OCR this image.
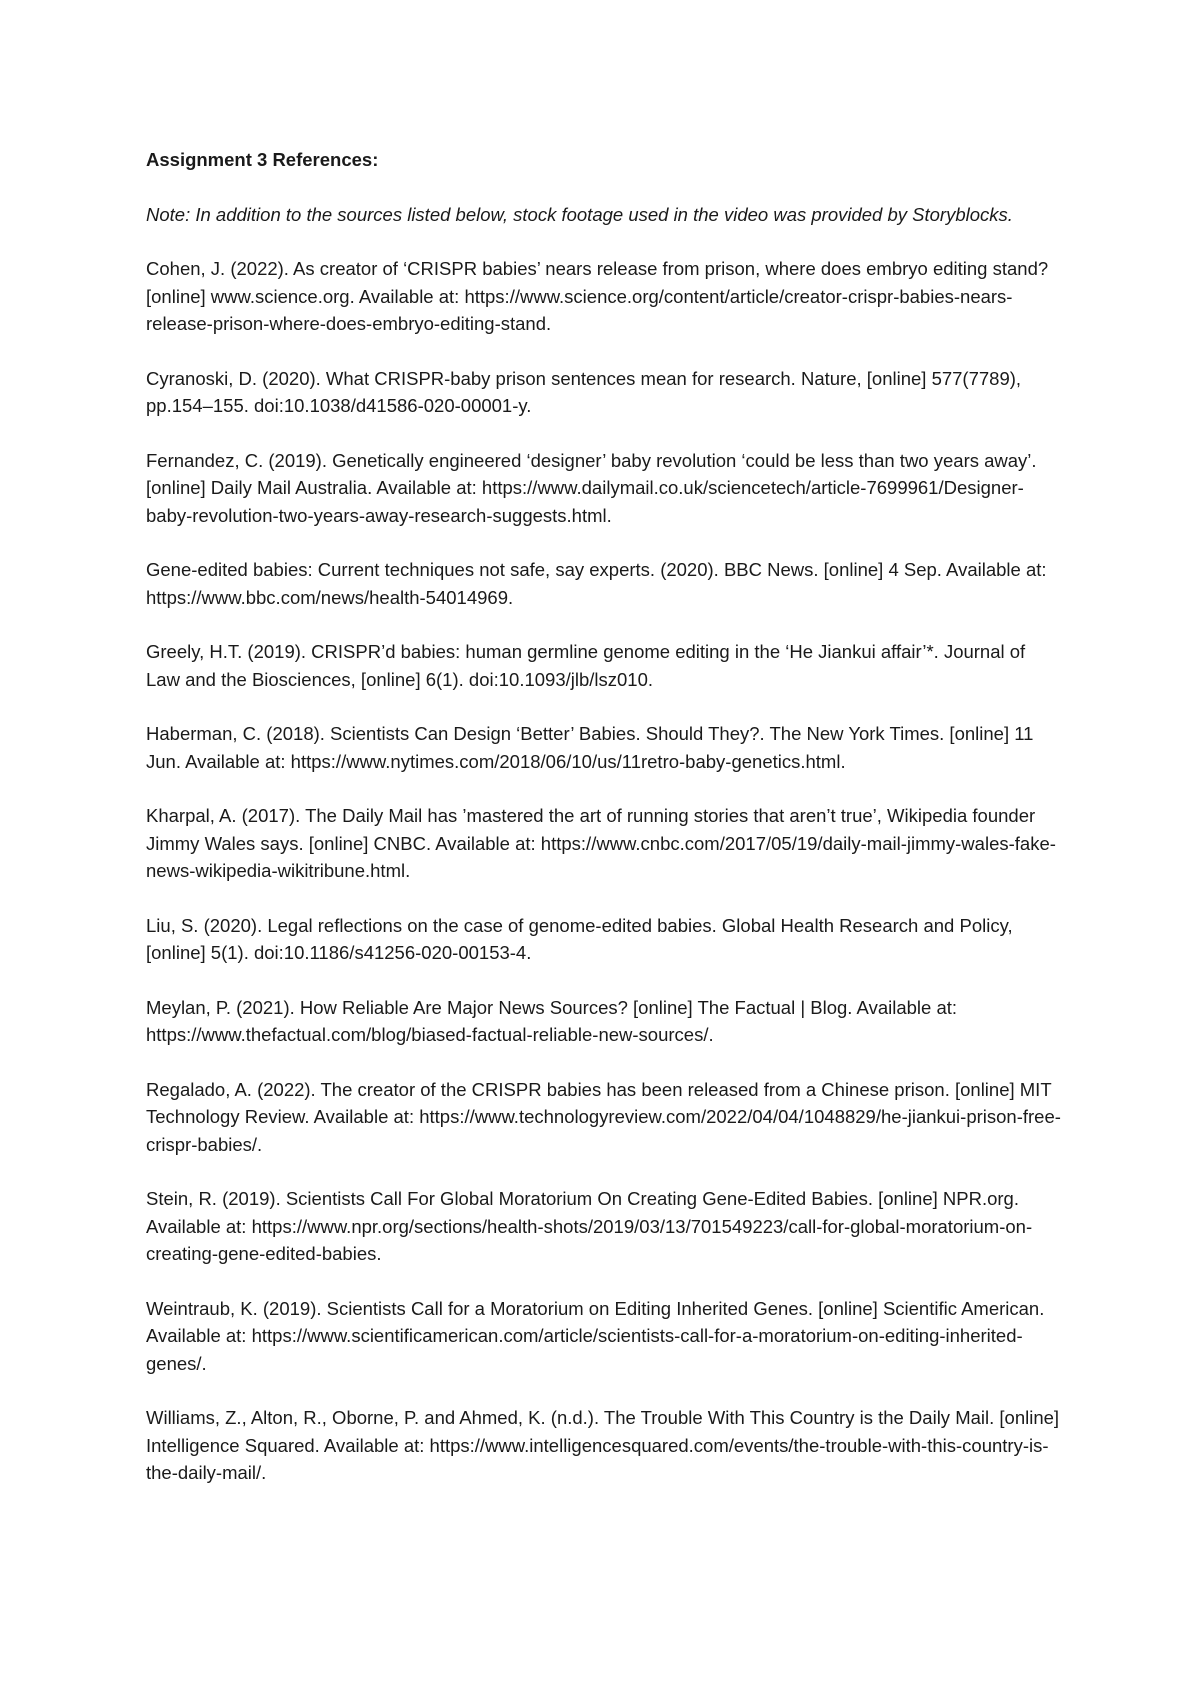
Assignment 3 References:

Note: In addition to the sources listed below, stock footage used in the video was provided by Storyblocks.

Cohen, J. (2022). As creator of ‘CRISPR babies’ nears release from prison, where does embryo editing stand? [online] www.science.org. Available at: https://www.science.org/content/article/creator-crispr-babies-nears-release-prison-where-does-embryo-editing-stand.

Cyranoski, D. (2020). What CRISPR-baby prison sentences mean for research. Nature, [online] 577(7789), pp.154–155. doi:10.1038/d41586-020-00001-y.

Fernandez, C. (2019). Genetically engineered ‘designer’ baby revolution ‘could be less than two years away’. [online] Daily Mail Australia. Available at: https://www.dailymail.co.uk/sciencetech/article-7699961/Designer-baby-revolution-two-years-away-research-suggests.html.

Gene-edited babies: Current techniques not safe, say experts. (2020). BBC News. [online] 4 Sep. Available at: https://www.bbc.com/news/health-54014969.

Greely, H.T. (2019). CRISPR’d babies: human germline genome editing in the ‘He Jiankui affair’*. Journal of Law and the Biosciences, [online] 6(1). doi:10.1093/jlb/lsz010.

Haberman, C. (2018). Scientists Can Design ‘Better’ Babies. Should They?. The New York Times. [online] 11 Jun. Available at: https://www.nytimes.com/2018/06/10/us/11retro-baby-genetics.html.

Kharpal, A. (2017). The Daily Mail has ’mastered the art of running stories that aren’t true’, Wikipedia founder Jimmy Wales says. [online] CNBC. Available at: https://www.cnbc.com/2017/05/19/daily-mail-jimmy-wales-fake-news-wikipedia-wikitribune.html.

Liu, S. (2020). Legal reflections on the case of genome-edited babies. Global Health Research and Policy, [online] 5(1). doi:10.1186/s41256-020-00153-4.

Meylan, P. (2021). How Reliable Are Major News Sources? [online] The Factual | Blog. Available at: https://www.thefactual.com/blog/biased-factual-reliable-new-sources/.

Regalado, A. (2022). The creator of the CRISPR babies has been released from a Chinese prison. [online] MIT Technology Review. Available at: https://www.technologyreview.com/2022/04/04/1048829/he-jiankui-prison-free-crispr-babies/.

Stein, R. (2019). Scientists Call For Global Moratorium On Creating Gene-Edited Babies. [online] NPR.org. Available at: https://www.npr.org/sections/health-shots/2019/03/13/701549223/call-for-global-moratorium-on-creating-gene-edited-babies.

Weintraub, K. (2019). Scientists Call for a Moratorium on Editing Inherited Genes. [online] Scientific American. Available at: https://www.scientificamerican.com/article/scientists-call-for-a-moratorium-on-editing-inherited-genes/.

Williams, Z., Alton, R., Oborne, P. and Ahmed, K. (n.d.). The Trouble With This Country is the Daily Mail. [online] Intelligence Squared. Available at: https://www.intelligencesquared.com/events/the-trouble-with-this-country-is-the-daily-mail/.
